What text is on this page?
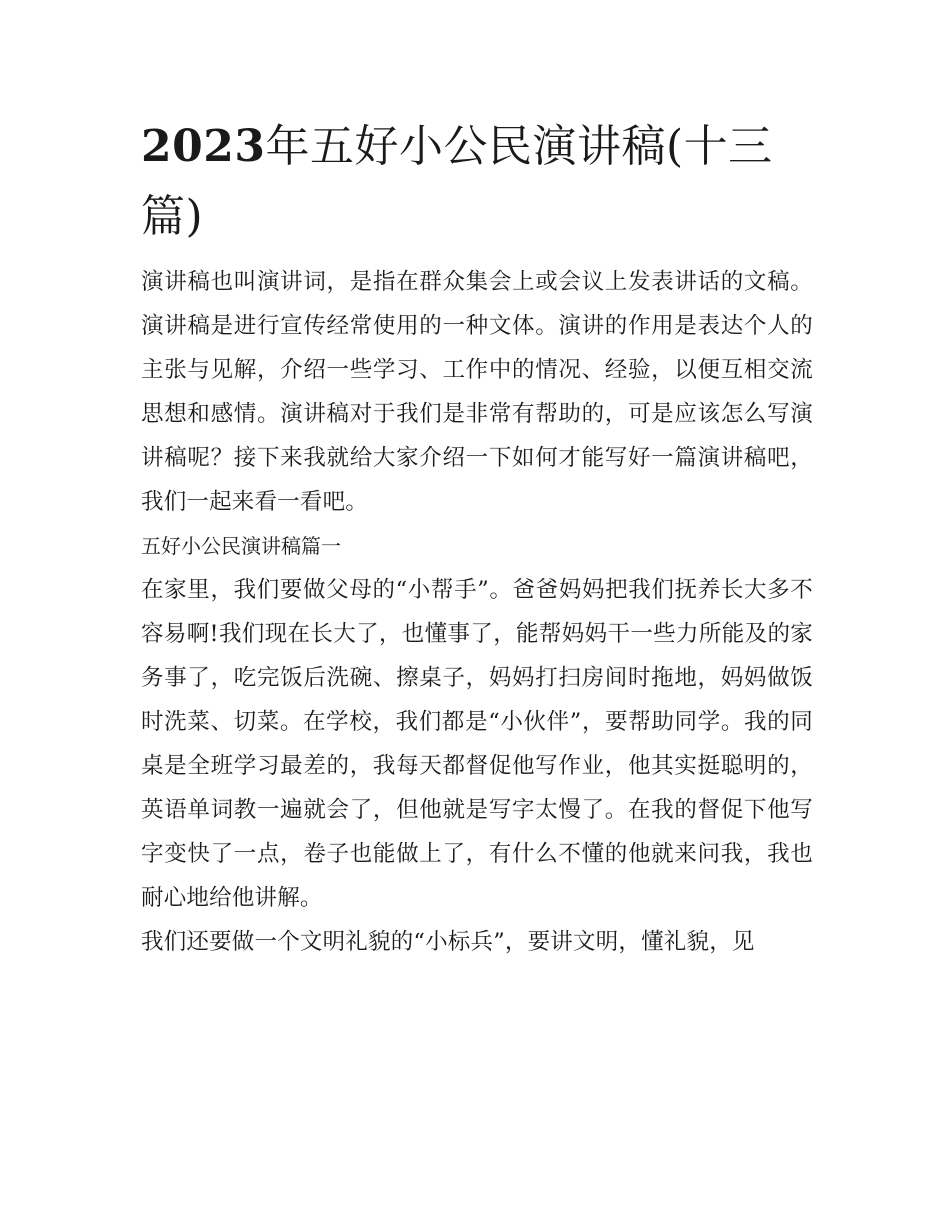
2023年五好小公民演讲稿(十三篇)

演讲稿也叫演讲词，是指在群众集会上或会议上发表讲话的文稿。演讲稿是进行宣传经常使用的一种文体。演讲的作用是表达个人的主张与见解，介绍一些学习、工作中的情况、经验，以便互相交流思想和感情。演讲稿对于我们是非常有帮助的，可是应该怎么写演讲稿呢？接下来我就给大家介绍一下如何才能写好一篇演讲稿吧，我们一起来看一看吧。

五好小公民演讲稿篇一

在家里，我们要做父母的“小帮手”。爸爸妈妈把我们抚养长大多不容易啊!我们现在长大了，也懂事了，能帮妈妈干一些力所能及的家务事了，吃完饭后洗碗、擦桌子，妈妈打扫房间时拖地，妈妈做饭时洗菜、切菜。在学校，我们都是“小伙伴”，要帮助同学。我的同桌是全班学习最差的，我每天都督促他写作业，他其实挺聪明的，英语单词教一遍就会了，但他就是写字太慢了。在我的督促下他写字变快了一点，卷子也能做上了，有什么不懂的他就来问我，我也耐心地给他讲解。

我们还要做一个文明礼貌的“小标兵”，要讲文明，懂礼貌，见
